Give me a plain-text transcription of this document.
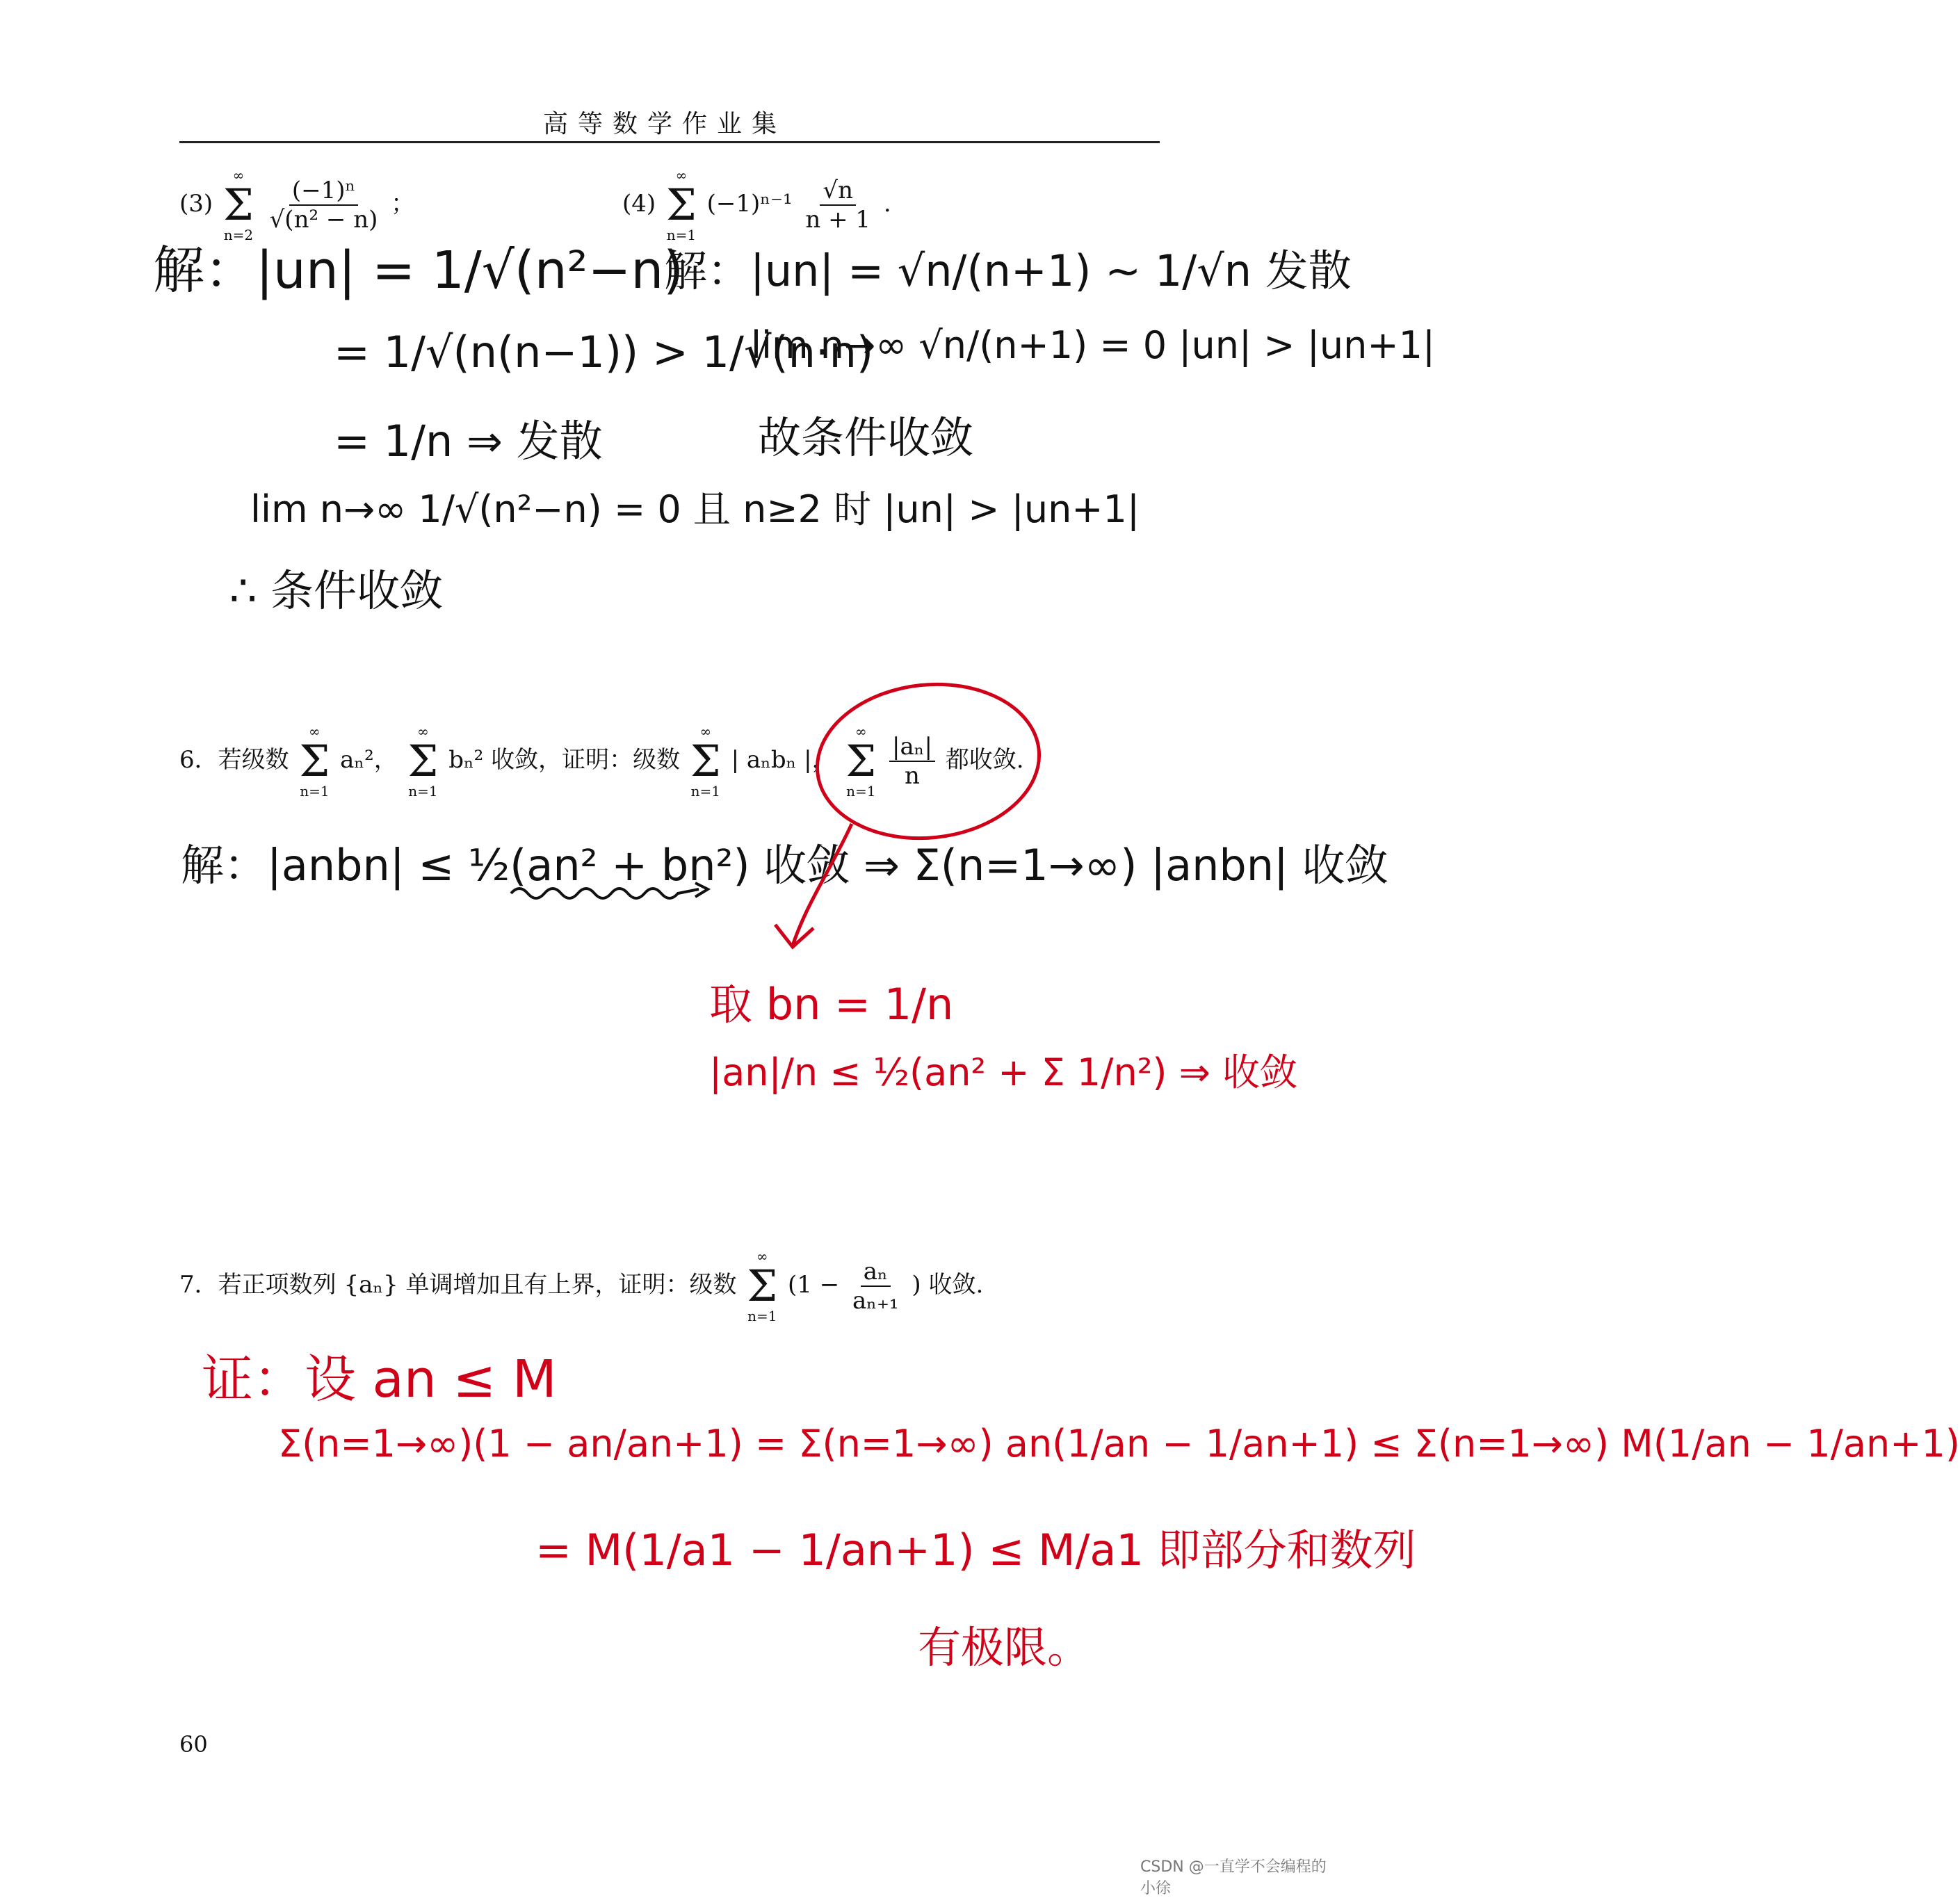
高等数学作业集
(3)
∞
Σ
n=2

$\frac{\text{(−1)ⁿ}}{\text{√(n² − n)}}$ ；	(4)
∞
Σ
n=1
$(-1)^{n-1} \frac{√n}{n + 1}$ .
解：|un| = 1/√(n²−n)
= 1/√(n(n−1)) > 1/√(n·n)
= 1/n ⇒ 发散
lim n→∞ 1/√(n²−n) = 0 且 n≥2 时 |un| > |un+1|
∴ 条件收敛
解：|un| = √n/(n+1) ~ 1/√n 发散
lim n→∞ √n/(n+1) = 0 |un| > |un+1|
故条件收敛
6．若级数
∞
Σ
n=1
aₙ²，
∞
Σ
n=1
bₙ² 收敛，证明：级数
∞
Σ
n=1
| aₙbₙ |，
∞
Σ
n=1

$\frac{\text{|aₙ|}}{n}$ 都收敛.
解：|anbn| ≤ ½(an² + bn²) 收敛 ⇒ Σ(n=1→∞) |anbn| 收敛
取 bn = 1/n
|an|/n ≤ ½(an² + Σ 1/n²) ⇒ 收敛
7．若正项数列 {aₙ} 单调增加且有上界，证明：级数
∞
Σ
n=1
($1 - \frac{\text{aₙ}}{\text{aₙ₊₁}}$ ) 收敛.
证：设 an ≤ M
Σ(n=1→∞)(1 − an/an+1) = Σ(n=1→∞) an(1/an − 1/an+1) ≤ Σ(n=1→∞) M(1/an − 1/an+1)
= M(1/a1 − 1/an+1) ≤ M/a1 即部分和数列
有极限。
60
CSDN @一直学不会编程的小徐
